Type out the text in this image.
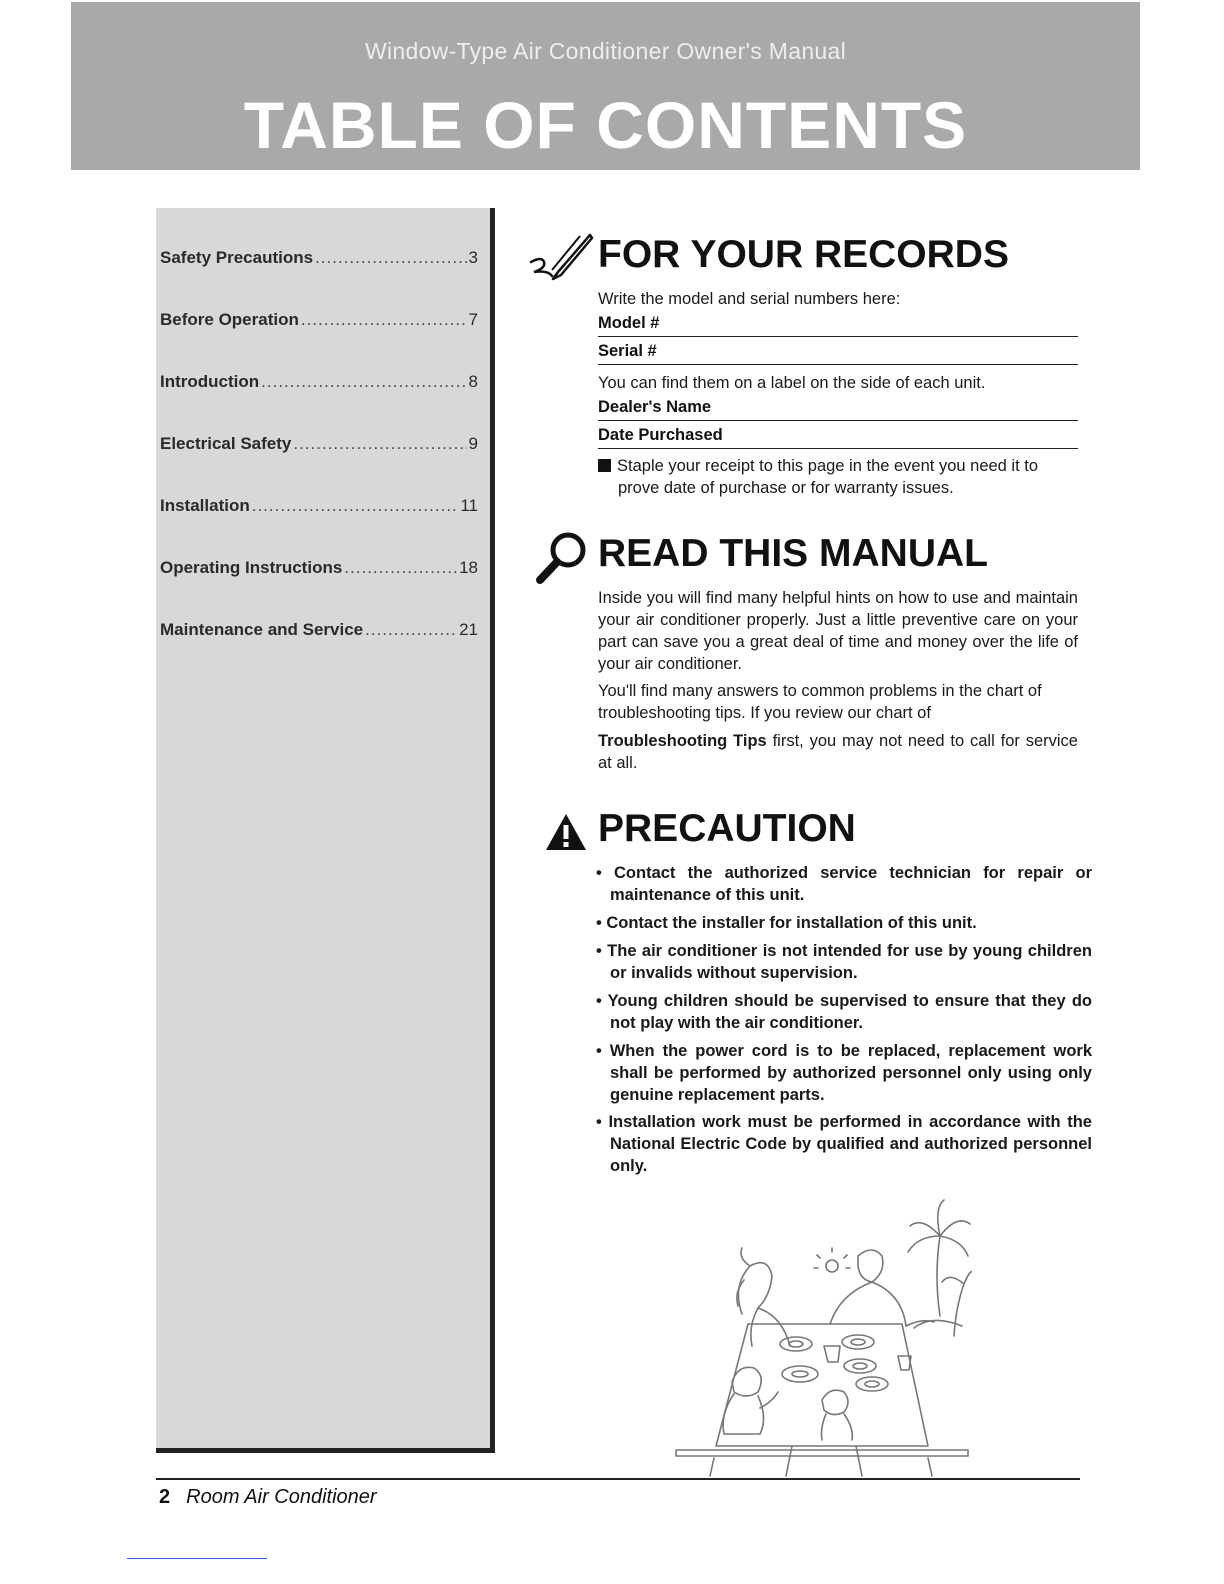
Window-Type Air Conditioner Owner's Manual
TABLE OF CONTENTS
Safety Precautions .....	3
Before Operation .....	7
Introduction .....	8
Electrical Safety .....	9
Installation .....	11
Operating Instructions .....	18
Maintenance and Service .....	21
FOR YOUR RECORDS
Write the model and serial numbers here:
Model #
Serial #
You can find them on a label on the side of each unit.
Dealer's Name
Date Purchased
Staple your receipt to this page in the event you need it to prove date of purchase or for warranty issues.
READ THIS MANUAL
Inside you will find many helpful hints on how to use and maintain your air conditioner properly. Just a little preventive care on your part can save you a great deal of time and money over the life of your air conditioner.
You'll find many answers to common problems in the chart of troubleshooting tips. If you review our chart of
Troubleshooting Tips first, you may not need to call for service at all.
PRECAUTION
• Contact the authorized service technician for repair or maintenance of this unit.
• Contact the installer for installation of this unit.
• The air conditioner is not intended for use by young children or invalids without supervision.
• Young children should be supervised to ensure that they do not play with the air conditioner.
• When the power cord is to be replaced, replacement work shall be performed by authorized personnel only using only genuine replacement parts.
• Installation work must be performed in accordance with the National Electric Code by qualified and authorized personnel only.
2 Room Air Conditioner
